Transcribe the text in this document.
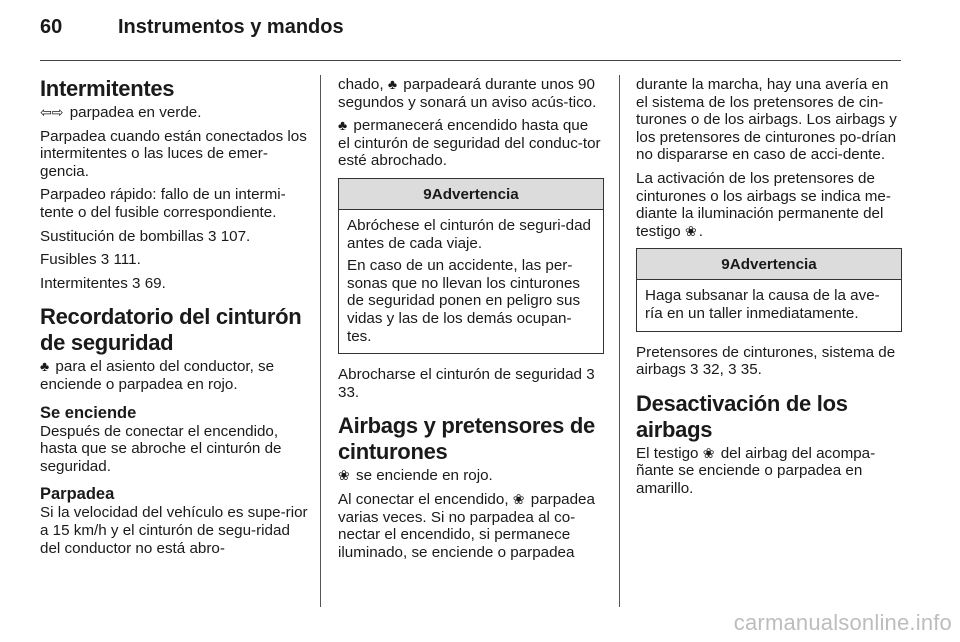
60	Instrumentos y mandos
Intermitentes

⇦⇨ parpadea en verde.

Parpadea cuando están conectados los intermitentes o las luces de emer-gencia.

Parpadeo rápido: fallo de un intermi-tente o del fusible correspondiente.

Sustitución de bombillas 3 107.

Fusibles 3 111.

Intermitentes 3 69.

Recordatorio del cinturón de seguridad

♣ para el asiento del conductor, se enciende o parpadea en rojo.

Se enciende

Después de conectar el encendido, hasta que se abroche el cinturón de seguridad.

Parpadea

Si la velocidad del vehículo es supe-rior a 15 km/h y el cinturón de segu-ridad del conductor no está abro-

chado, ♣ parpadeará durante unos 90 segundos y sonará un aviso acús-tico.

♣ permanecerá encendido hasta que el cinturón de seguridad del conduc-tor esté abrochado.

9Advertencia

Abróchese el cinturón de seguri-dad antes de cada viaje.

En caso de un accidente, las per-sonas que no llevan los cinturones de seguridad ponen en peligro sus vidas y las de los demás ocupan-tes.

Abrocharse el cinturón de seguridad 3 33.

Airbags y pretensores de cinturones

❀ se enciende en rojo.

Al conectar el encendido, ❀ parpadea varias veces. Si no parpadea al co-nectar el encendido, si permanece iluminado, se enciende o parpadea

durante la marcha, hay una avería en el sistema de los pretensores de cin-turones o de los airbags. Los airbags y los pretensores de cinturones po-drían no dispararse en caso de acci-dente.

La activación de los pretensores de cinturones o los airbags se indica me-diante la iluminación permanente del testigo ❀ .

9Advertencia

Haga subsanar la causa de la ave-ría en un taller inmediatamente.

Pretensores de cinturones, sistema de airbags 3 32, 3 35.

Desactivación de los airbags

El testigo ❀ del airbag del acompa-ñante se enciende o parpadea en amarillo.

carmanualsonline.info
